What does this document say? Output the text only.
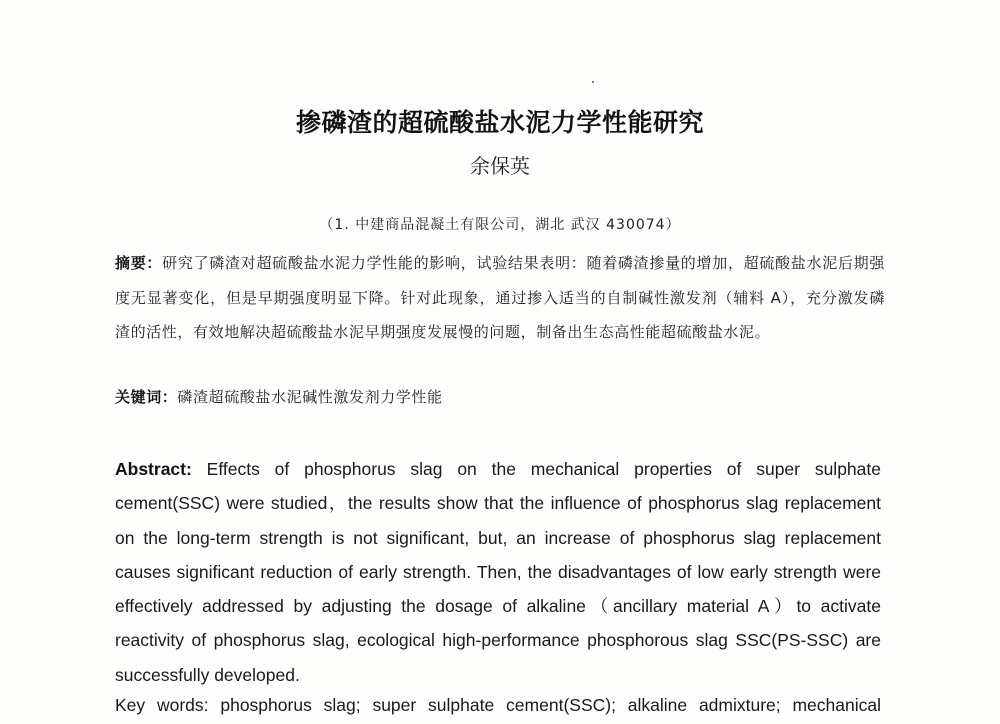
掺磷渣的超硫酸盐水泥力学性能研究
余保英
（1. 中建商品混凝土有限公司，湖北 武汉 430074）
摘要：研究了磷渣对超硫酸盐水泥力学性能的影响，试验结果表明：随着磷渣掺量的增加，超硫酸盐水泥后期强度无显著变化，但是早期强度明显下降。针对此现象，通过掺入适当的自制碱性激发剂（辅料 A），充分激发磷渣的活性，有效地解决超硫酸盐水泥早期强度发展慢的问题，制备出生态高性能超硫酸盐水泥。
关键词：磷渣超硫酸盐水泥碱性激发剂力学性能
Abstract: Effects of phosphorus slag on the mechanical properties of super sulphate cement(SSC) were studied，the results show that the influence of phosphorus slag replacement on the long-term strength is not significant, but, an increase of phosphorus slag replacement causes significant reduction of early strength. Then, the disadvantages of low early strength were effectively addressed by adjusting the dosage of alkaline（ancillary material A）to activate reactivity of phosphorus slag, ecological high-performance phosphorous slag SSC(PS-SSC) are successfully developed.
Key words: phosphorus slag; super sulphate cement(SSC); alkaline admixture; mechanical
